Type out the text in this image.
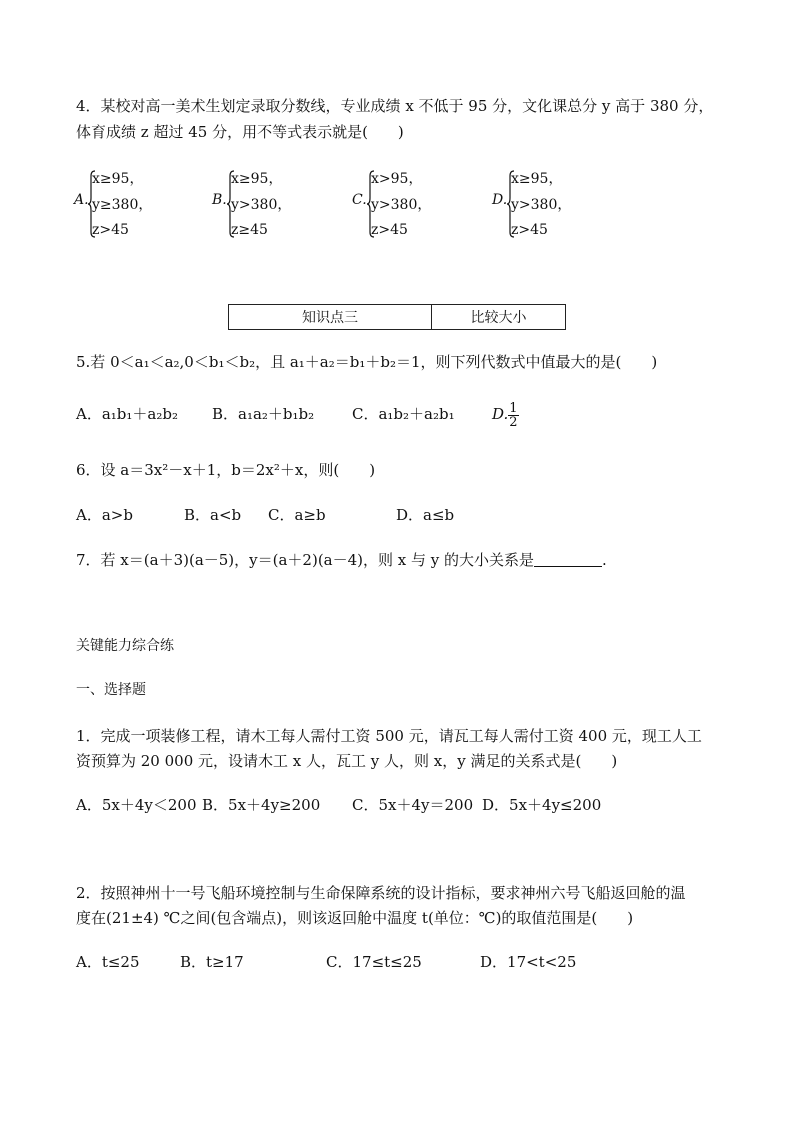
4．某校对高一美术生划定录取分数线，专业成绩 x 不低于 95 分，文化课总分 y 高于 380 分，
体育成绩 z 超过 45 分，用不等式表示就是(　　)
A.
x≥95，
y≥380，
z>45
B.
x≥95，
y>380，
z≥45
C.
x>95，
y>380，
z>45
D.
x≥95，
y>380，
z>45
知识点三	比较大小
5.若 0＜a₁＜a₂,0＜b₁＜b₂，且 a₁＋a₂＝b₁＋b₂＝1，则下列代数式中值最大的是(　　)
A．a₁b₁＋a₂b₂ B．a₁a₂＋b₁b₂	C．a₁b₂＋a₂b₁ D. $\frac{1}{2}$
6．设 a＝3x²－x＋1，b＝2x²＋x，则(　　)
A．a>b	B．a<b C．a≥b	D．a≤b
7．若 x＝(a＋3)(a－5)，y＝(a＋2)(a－4)，则 x 与 y 的大小关系是	.
关键能力综合练
一、选择题
1．完成一项装修工程，请木工每人需付工资 500 元，请瓦工每人需付工资 400 元，现工人工
资预算为 20 000 元，设请木工 x 人，瓦工 y 人，则 x，y 满足的关系式是(　　)
A．5x＋4y＜200 B．5x＋4y≥200 C．5x＋4y＝200 D．5x＋4y≤200
2．按照神州十一号飞船环境控制与生命保障系统的设计指标，要求神州六号飞船返回舱的温
度在(21±4) ℃之间(包含端点)，则该返回舱中温度 t(单位：℃)的取值范围是(　　)
A．t≤25	B．t≥17	C．17≤t≤25	D．17<t<25
